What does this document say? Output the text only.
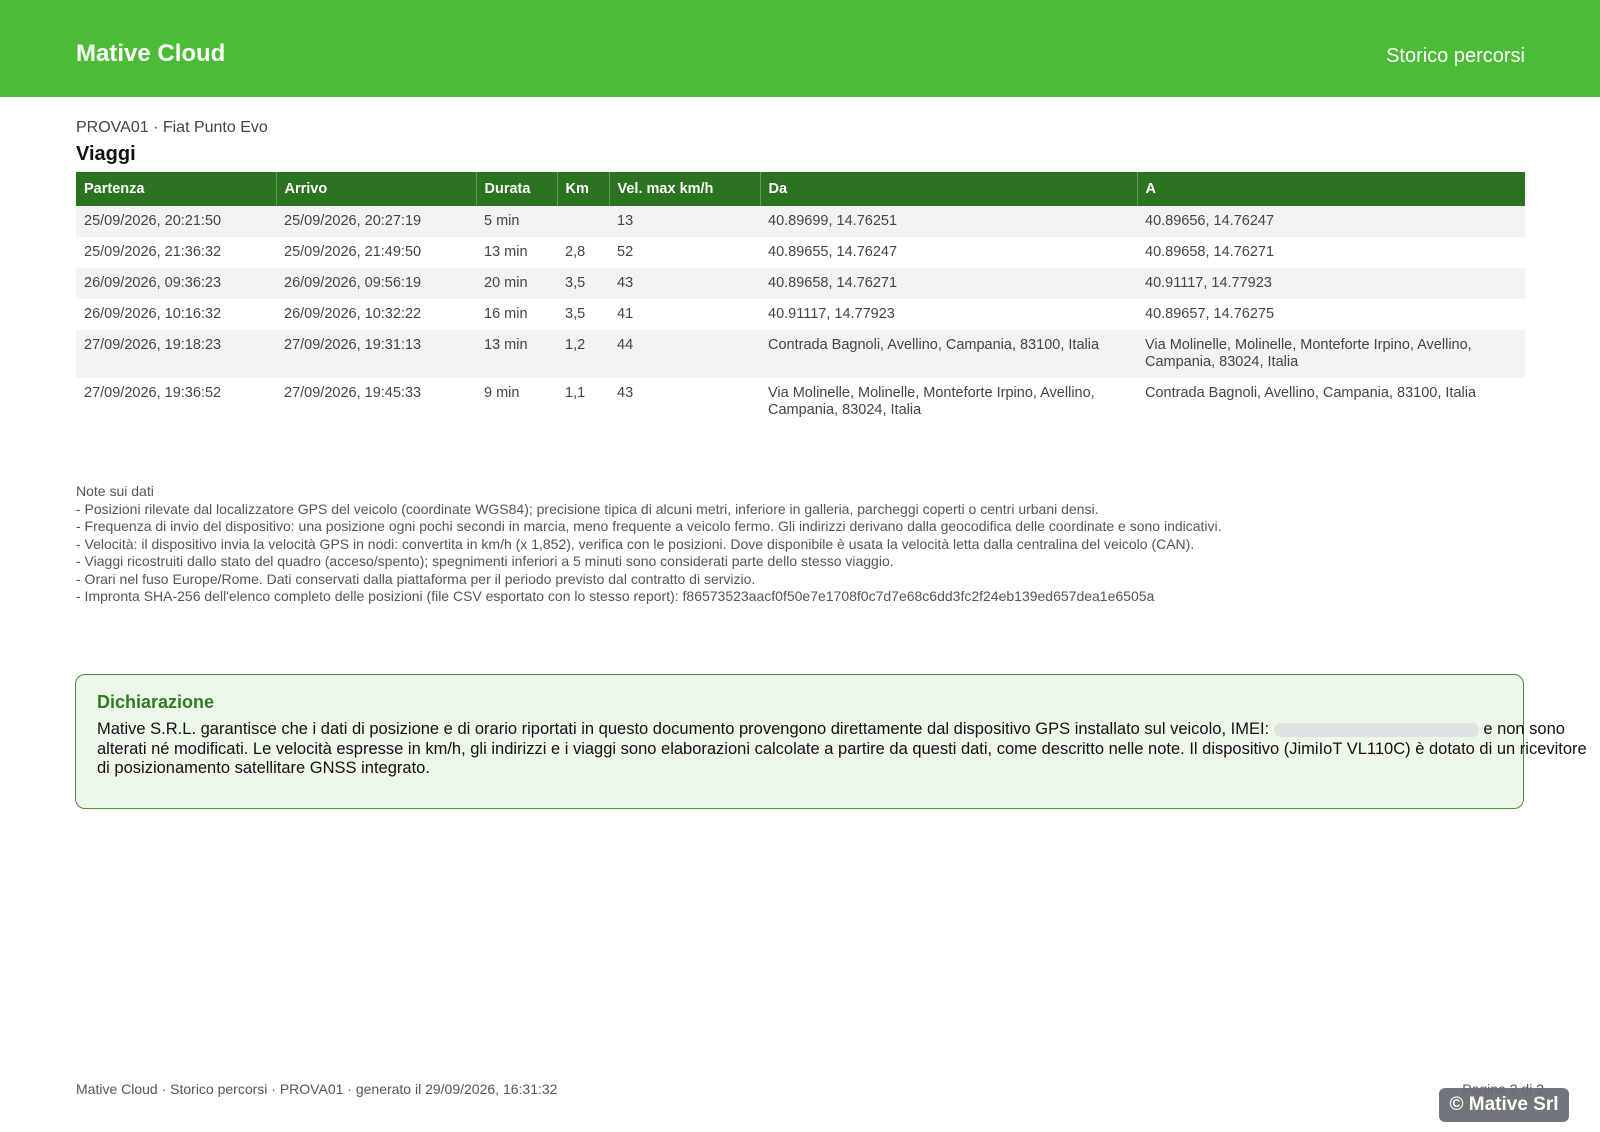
Mative Cloud	Storico percorsi
PROVA01 · Fiat Punto Evo
Viaggi
Partenza	Arrivo	Durata	Km	Vel. max km/h	Da	A
25/09/2026, 20:21:50	25/09/2026, 20:27:19	5 min		13	40.89699, 14.76251	40.89656, 14.76247
25/09/2026, 21:36:32	25/09/2026, 21:49:50	13 min	2,8	52	40.89655, 14.76247	40.89658, 14.76271
26/09/2026, 09:36:23	26/09/2026, 09:56:19	20 min	3,5	43	40.89658, 14.76271	40.91117, 14.77923
26/09/2026, 10:16:32	26/09/2026, 10:32:22	16 min	3,5	41	40.91117, 14.77923	40.89657, 14.76275
27/09/2026, 19:18:23	27/09/2026, 19:31:13	13 min	1,2	44	Contrada Bagnoli, Avellino, Campania, 83100, Italia	Via Molinelle, Molinelle, Monteforte Irpino, Avellino, Campania, 83024, Italia
27/09/2026, 19:36:52	27/09/2026, 19:45:33	9 min	1,1	43	Via Molinelle, Molinelle, Monteforte Irpino, Avellino, Campania, 83024, Italia	Contrada Bagnoli, Avellino, Campania, 83100, Italia
Note sui dati
- Posizioni rilevate dal localizzatore GPS del veicolo (coordinate WGS84); precisione tipica di alcuni metri, inferiore in galleria, parcheggi coperti o centri urbani densi.
- Frequenza di invio del dispositivo: una posizione ogni pochi secondi in marcia, meno frequente a veicolo fermo. Gli indirizzi derivano dalla geocodifica delle coordinate e sono indicativi.
- Velocità: il dispositivo invia la velocità GPS in nodi: convertita in km/h (x 1,852), verifica con le posizioni. Dove disponibile è usata la velocità letta dalla centralina del veicolo (CAN).
- Viaggi ricostruiti dallo stato del quadro (acceso/spento); spegnimenti inferiori a 5 minuti sono considerati parte dello stesso viaggio.
- Orari nel fuso Europe/Rome. Dati conservati dalla piattaforma per il periodo previsto dal contratto di servizio.
- Impronta SHA-256 dell'elenco completo delle posizioni (file CSV esportato con lo stesso report): f86573523aacf0f50e7e1708f0c7d7e68c6dd3fc2f24eb139ed657dea1e6505a
Dichiarazione
Mative S.R.L. garantisce che i dati di posizione e di orario riportati in questo documento provengono direttamente dal dispositivo GPS installato sul veicolo, IMEI:	e non sono alterati né modificati. Le velocità espresse in km/h, gli indirizzi e i viaggi sono elaborazioni calcolate a partire da questi dati, come descritto nelle note. Il dispositivo (JimiIoT VL110C) è dotato di un ricevitore di posizionamento satellitare GNSS integrato.
Mative Cloud · Storico percorsi · PROVA01 · generato il 29/09/2026, 16:31:32
© Mative Srl
